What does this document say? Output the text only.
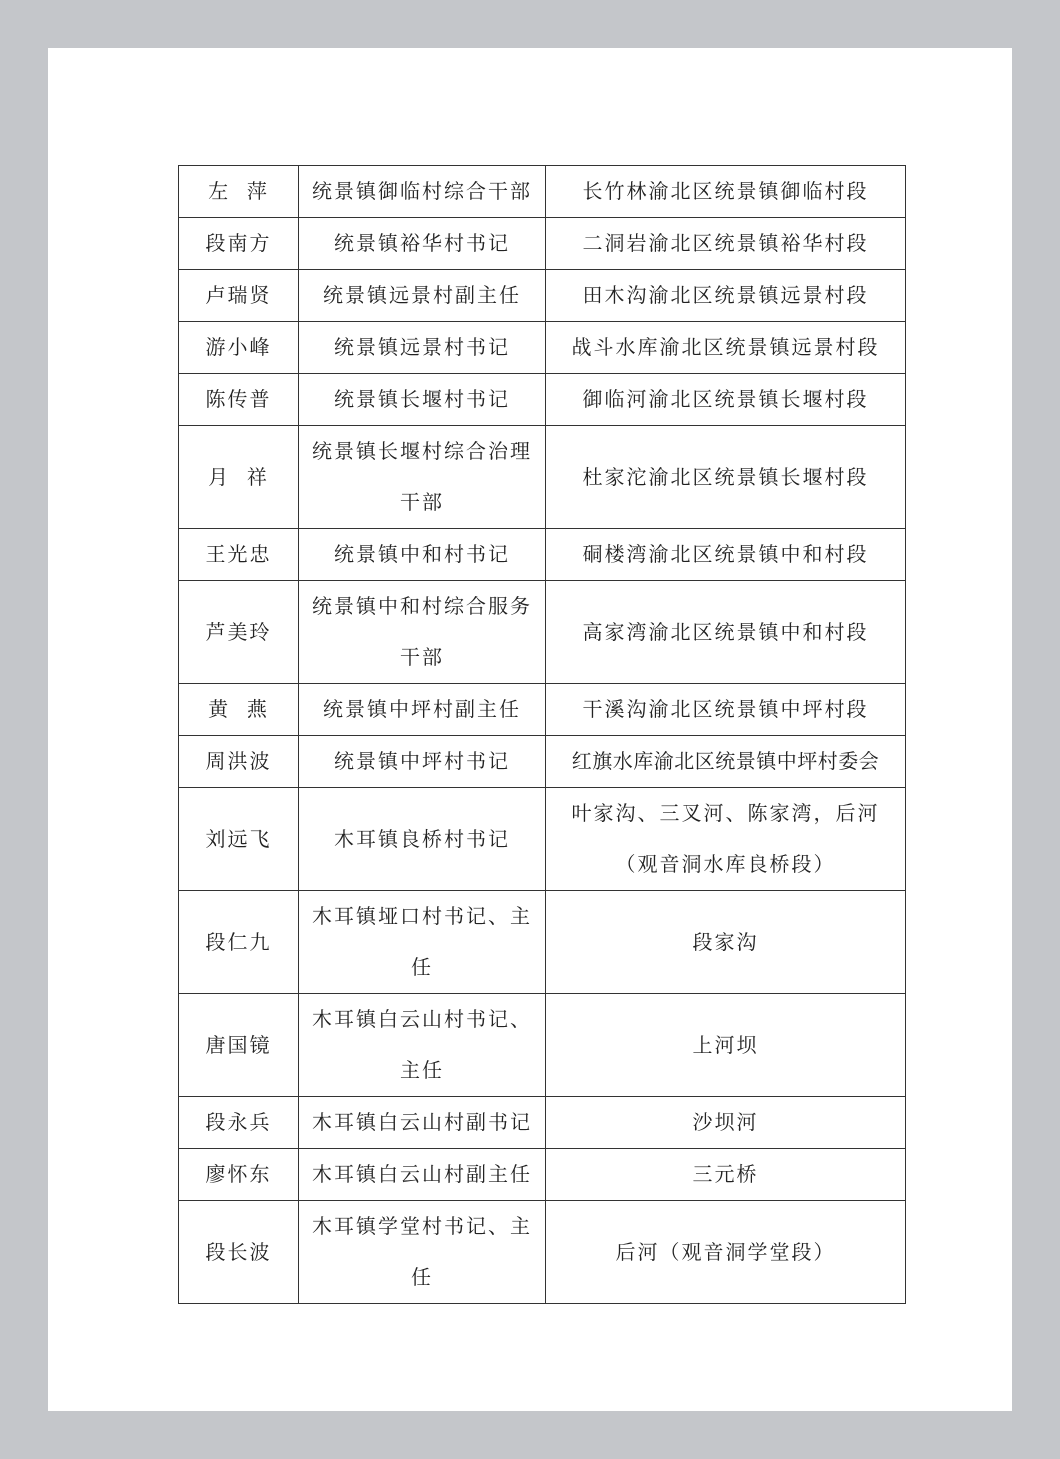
左  萍	统景镇御临村综合干部	长竹林渝北区统景镇御临村段
段南方	统景镇裕华村书记	二洞岩渝北区统景镇裕华村段
卢瑞贤	统景镇远景村副主任	田木沟渝北区统景镇远景村段
游小峰	统景镇远景村书记	战斗水库渝北区统景镇远景村段
陈传普	统景镇长堰村书记	御临河渝北区统景镇长堰村段
月  祥	统景镇长堰村综合治理干部	杜家沱渝北区统景镇长堰村段
王光忠	统景镇中和村书记	硐楼湾渝北区统景镇中和村段
芦美玲	统景镇中和村综合服务干部	高家湾渝北区统景镇中和村段
黄  燕	统景镇中坪村副主任	干溪沟渝北区统景镇中坪村段
周洪波	统景镇中坪村书记	红旗水库渝北区统景镇中坪村委会
刘远飞	木耳镇良桥村书记	叶家沟、三叉河、陈家湾，后河（观音洞水库良桥段）
段仁九	木耳镇垭口村书记、主任	段家沟
唐国镜	木耳镇白云山村书记、主任	上河坝
段永兵	木耳镇白云山村副书记	沙坝河
廖怀东	木耳镇白云山村副主任	三元桥
段长波	木耳镇学堂村书记、主任	后河（观音洞学堂段）
